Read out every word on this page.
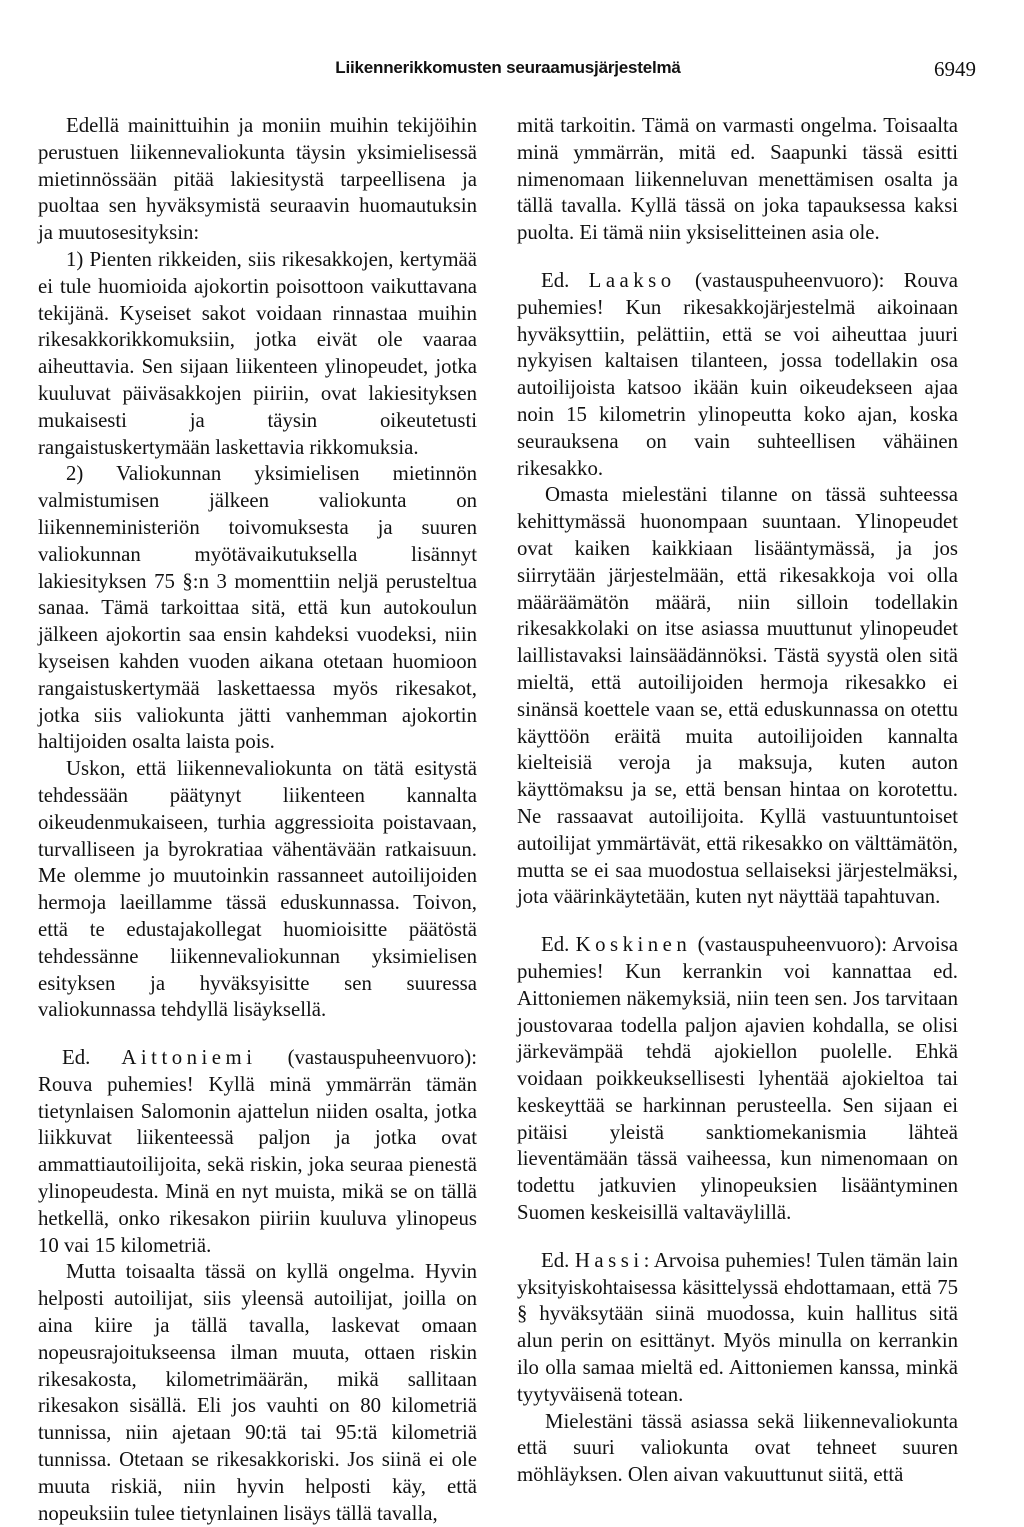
Liikennerikkomusten seuraamusjärjestelmä	6949

Edellä mainittuihin ja moniin muihin tekijöihin perustuen liikennevaliokunta täysin yksimielisessä mietinnössään pitää lakiesitystä tarpeellisena ja puoltaa sen hyväksymistä seuraavin huomautuksin ja muutosesityksin:

1) Pienten rikkeiden, siis rikesakkojen, kertymää ei tule huomioida ajokortin poisottoon vaikuttavana tekijänä. Kyseiset sakot voidaan rinnastaa muihin rikesakkorikkomuksiin, jotka eivät ole vaaraa aiheuttavia. Sen sijaan liikenteen ylinopeudet, jotka kuuluvat päiväsakkojen piiriin, ovat lakiesityksen mukaisesti ja täysin oikeutetusti rangaistuskertymään laskettavia rikkomuksia.

2) Valiokunnan yksimielisen mietinnön valmistumisen jälkeen valiokunta on liikenneministeriön toivomuksesta ja suuren valiokunnan myötävaikutuksella lisännyt lakiesityksen 75 §:n 3 momenttiin neljä perusteltua sanaa. Tämä tarkoittaa sitä, että kun autokoulun jälkeen ajokortin saa ensin kahdeksi vuodeksi, niin kyseisen kahden vuoden aikana otetaan huomioon rangaistuskertymää laskettaessa myös rikesakot, jotka siis valiokunta jätti vanhemman ajokortin haltijoiden osalta laista pois.

Uskon, että liikennevaliokunta on tätä esitystä tehdessään päätynyt liikenteen kannalta oikeudenmukaiseen, turhia aggressioita poistavaan, turvalliseen ja byrokratiaa vähentävään ratkaisuun. Me olemme jo muutoinkin rassanneet autoilijoiden hermoja laeillamme tässä eduskunnassa. Toivon, että te edustajakollegat huomioisitte päätöstä tehdessänne liikennevaliokunnan yksimielisen esityksen ja hyväksyisitte sen suuressa valiokunnassa tehdyllä lisäyksellä.

Ed. Aittoniemi (vastauspuheenvuoro): Rouva puhemies! Kyllä minä ymmärrän tämän tietynlaisen Salomonin ajattelun niiden osalta, jotka liikkuvat liikenteessä paljon ja jotka ovat ammattiautoilijoita, sekä riskin, joka seuraa pienestä ylinopeudesta. Minä en nyt muista, mikä se on tällä hetkellä, onko rikesakon piiriin kuuluva ylinopeus 10 vai 15 kilometriä.

Mutta toisaalta tässä on kyllä ongelma. Hyvin helposti autoilijat, siis yleensä autoilijat, joilla on aina kiire ja tällä tavalla, laskevat omaan nopeusrajoitukseensa ilman muuta, ottaen riskin rikesakosta, kilometrimäärän, mikä sallitaan rikesakon sisällä. Eli jos vauhti on 80 kilometriä tunnissa, niin ajetaan 90:tä tai 95:tä kilometriä tunnissa. Otetaan se rikesakkoriski. Jos siinä ei ole muuta riskiä, niin hyvin helposti käy, että nopeuksiin tulee tietynlainen lisäys tällä tavalla,

mitä tarkoitin. Tämä on varmasti ongelma. Toisaalta minä ymmärrän, mitä ed. Saapunki tässä esitti nimenomaan liikenneluvan menettämisen osalta ja tällä tavalla. Kyllä tässä on joka tapauksessa kaksi puolta. Ei tämä niin yksiselitteinen asia ole.

Ed. Laakso (vastauspuheenvuoro): Rouva puhemies! Kun rikesakkojärjestelmä aikoinaan hyväksyttiin, pelättiin, että se voi aiheuttaa juuri nykyisen kaltaisen tilanteen, jossa todellakin osa autoilijoista katsoo ikään kuin oikeudekseen ajaa noin 15 kilometrin ylinopeutta koko ajan, koska seurauksena on vain suhteellisen vähäinen rikesakko.

Omasta mielestäni tilanne on tässä suhteessa kehittymässä huonompaan suuntaan. Ylinopeudet ovat kaiken kaikkiaan lisääntymässä, ja jos siirrytään järjestelmään, että rikesakkoja voi olla määräämätön määrä, niin silloin todellakin rikesakkolaki on itse asiassa muuttunut ylinopeudet laillistavaksi lainsäädännöksi. Tästä syystä olen sitä mieltä, että autoilijoiden hermoja rikesakko ei sinänsä koettele vaan se, että eduskunnassa on otettu käyttöön eräitä muita autoilijoiden kannalta kielteisiä veroja ja maksuja, kuten auton käyttömaksu ja se, että bensan hintaa on korotettu. Ne rassaavat autoilijoita. Kyllä vastuuntuntoiset autoilijat ymmärtävät, että rikesakko on välttämätön, mutta se ei saa muodostua sellaiseksi järjestelmäksi, jota väärinkäytetään, kuten nyt näyttää tapahtuvan.

Ed. Koskinen (vastauspuheenvuoro): Arvoisa puhemies! Kun kerrankin voi kannattaa ed. Aittoniemen näkemyksiä, niin teen sen. Jos tarvitaan joustovaraa todella paljon ajavien kohdalla, se olisi järkevämpää tehdä ajokiellon puolelle. Ehkä voidaan poikkeuksellisesti lyhentää ajokieltoa tai keskeyttää se harkinnan perusteella. Sen sijaan ei pitäisi yleistä sanktiomekanismia lähteä lieventämään tässä vaiheessa, kun nimenomaan on todettu jatkuvien ylinopeuksien lisääntyminen Suomen keskeisillä valtaväylillä.

Ed. Hassi: Arvoisa puhemies! Tulen tämän lain yksityiskohtaisessa käsittelyssä ehdottamaan, että 75 § hyväksytään siinä muodossa, kuin hallitus sitä alun perin on esittänyt. Myös minulla on kerrankin ilo olla samaa mieltä ed. Aittoniemen kanssa, minkä tyytyväisenä totean.

Mielestäni tässä asiassa sekä liikennevaliokunta että suuri valiokunta ovat tehneet suuren möhläyksen. Olen aivan vakuuttunut siitä, että
